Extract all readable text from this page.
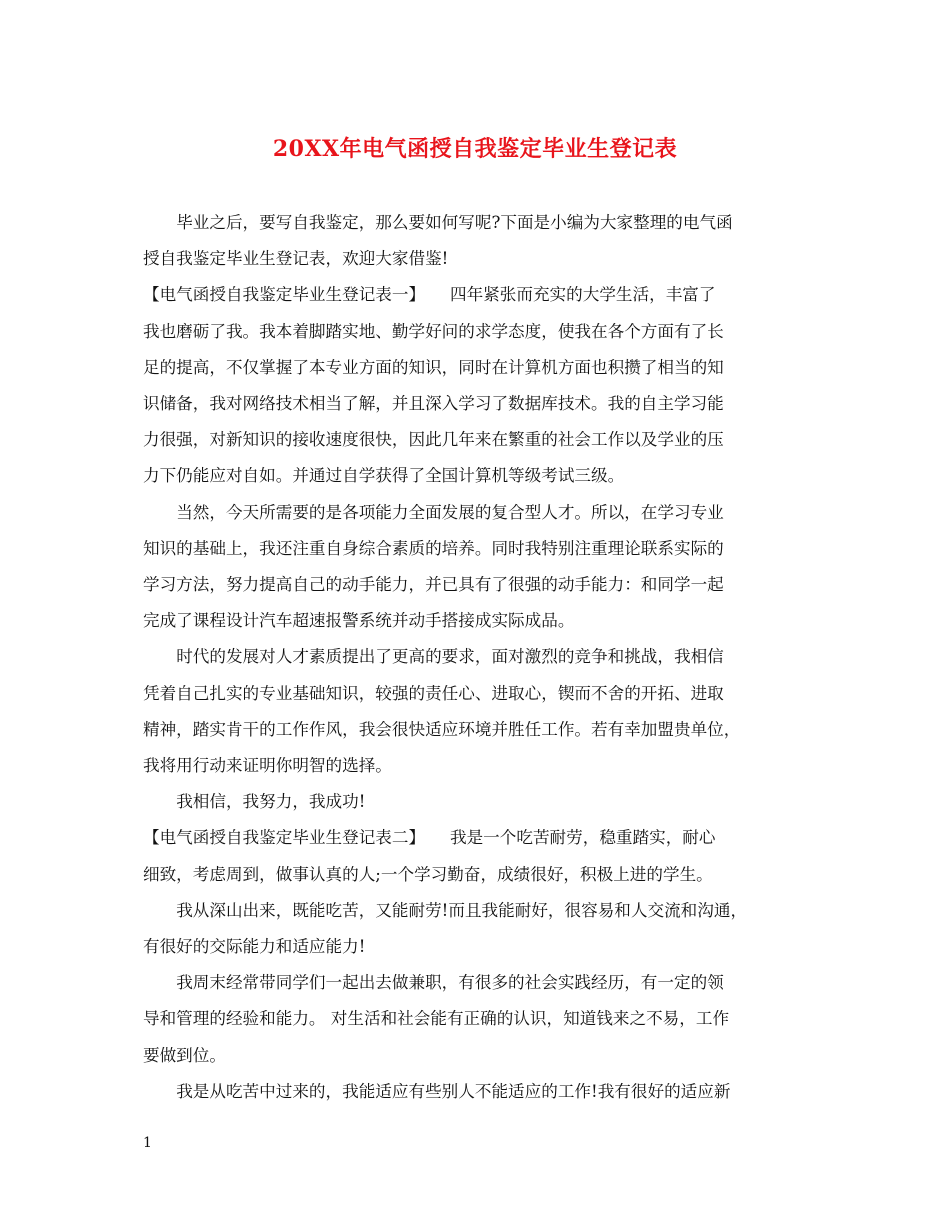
20XX年电气函授自我鉴定毕业生登记表

毕业之后，要写自我鉴定，那么要如何写呢?下面是小编为大家整理的电气函

授自我鉴定毕业生登记表，欢迎大家借鉴!

【电气函授自我鉴定毕业生登记表一】　　四年紧张而充实的大学生活，丰富了

我也磨砺了我。我本着脚踏实地、勤学好问的求学态度，使我在各个方面有了长

足的提高，不仅掌握了本专业方面的知识，同时在计算机方面也积攒了相当的知

识储备，我对网络技术相当了解，并且深入学习了数据库技术。我的自主学习能

力很强，对新知识的接收速度很快，因此几年来在繁重的社会工作以及学业的压

力下仍能应对自如。并通过自学获得了全国计算机等级考试三级。

当然，今天所需要的是各项能力全面发展的复合型人才。所以，在学习专业

知识的基础上，我还注重自身综合素质的培养。同时我特别注重理论联系实际的

学习方法，努力提高自己的动手能力，并已具有了很强的动手能力：和同学一起

完成了课程设计汽车超速报警系统并动手搭接成实际成品。

时代的发展对人才素质提出了更高的要求，面对激烈的竞争和挑战，我相信

凭着自己扎实的专业基础知识，较强的责任心、进取心，锲而不舍的开拓、进取

精神，踏实肯干的工作作风，我会很快适应环境并胜任工作。若有幸加盟贵单位，

我将用行动来证明你明智的选择。

我相信，我努力，我成功!

【电气函授自我鉴定毕业生登记表二】　　我是一个吃苦耐劳，稳重踏实，耐心

细致，考虑周到，做事认真的人;一个学习勤奋，成绩很好，积极上进的学生。

我从深山出来，既能吃苦，又能耐劳!而且我能耐好，很容易和人交流和沟通，

有很好的交际能力和适应能力!

我周末经常带同学们一起出去做兼职，有很多的社会实践经历，有一定的领

导和管理的经验和能力。 对生活和社会能有正确的认识，知道钱来之不易，工作

要做到位。

我是从吃苦中过来的，我能适应有些别人不能适应的工作!我有很好的适应新

1
